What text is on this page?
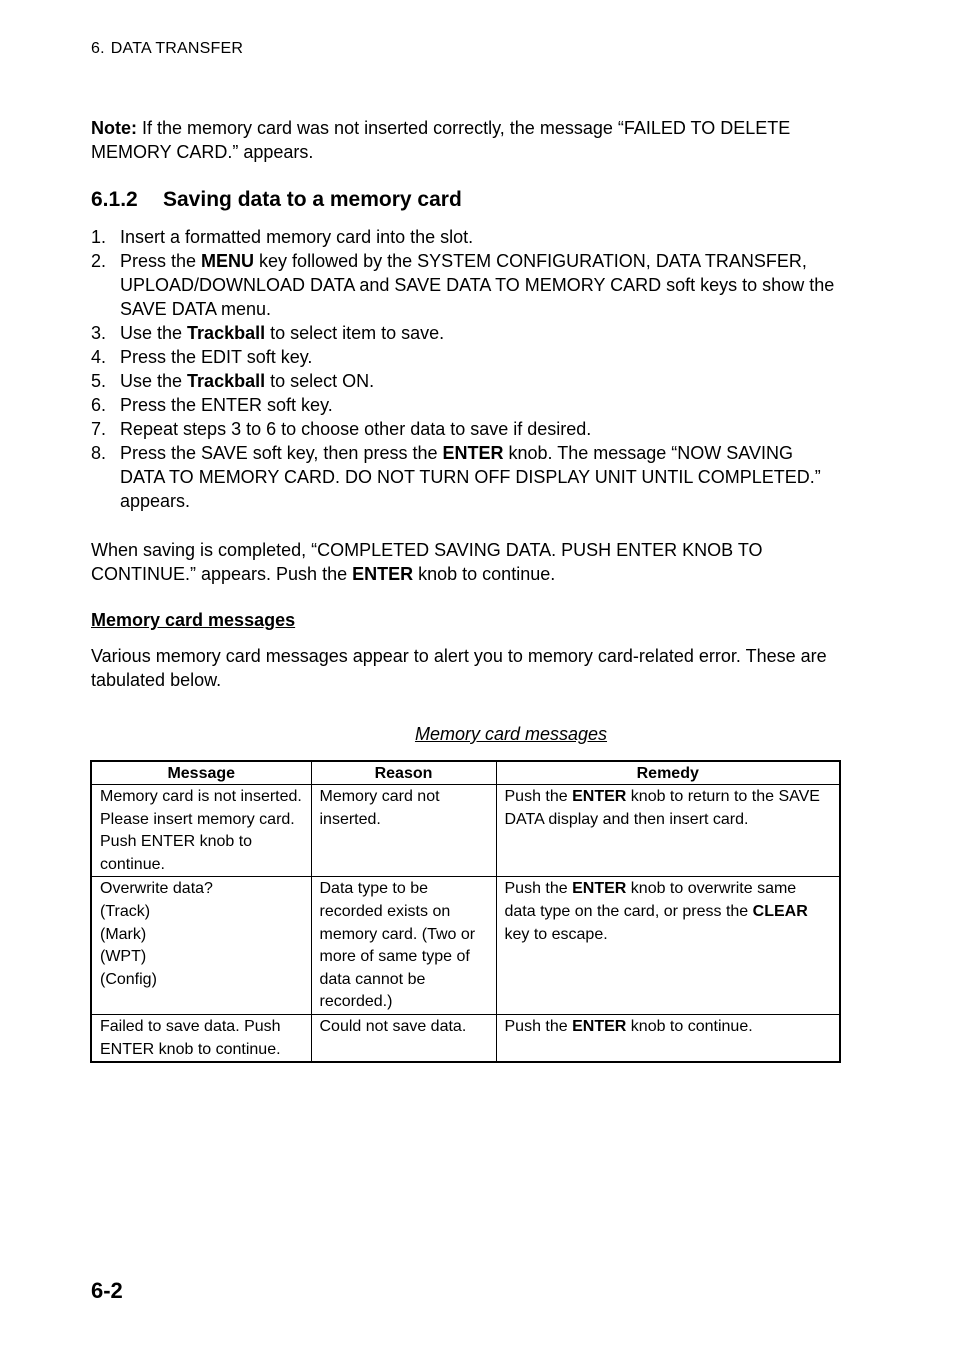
6. DATA TRANSFER

Note: If the memory card was not inserted correctly, the message “FAILED TO DELETE MEMORY CARD.” appears.

6.1.2 Saving data to a memory card
1. Insert a formatted memory card into the slot.
2. Press the MENU key followed by the SYSTEM CONFIGURATION, DATA TRANSFER, UPLOAD/DOWNLOAD DATA and SAVE DATA TO MEMORY CARD soft keys to show the SAVE DATA menu.
3. Use the Trackball to select item to save.
4. Press the EDIT soft key.
5. Use the Trackball to select ON.
6. Press the ENTER soft key.
7. Repeat steps 3 to 6 to choose other data to save if desired.
8. Press the SAVE soft key, then press the ENTER knob. The message “NOW SAVING DATA TO MEMORY CARD. DO NOT TURN OFF DISPLAY UNIT UNTIL COMPLETED.” appears.

When saving is completed, “COMPLETED SAVING DATA. PUSH ENTER KNOB TO CONTINUE.” appears. Push the ENTER knob to continue.

Memory card messages

Various memory card messages appear to alert you to memory card-related error. These are tabulated below.

Memory card messages
Message	Reason	Remedy
Memory card is not inserted. Please insert memory card. Push ENTER knob to continue.	Memory card not inserted.	Push the ENTER knob to return to the SAVE DATA display and then insert card.

Overwrite data?
(Track)
(Mark)
(WPT)
(Config)	Data type to be recorded exists on memory card. (Two or more of same type of data cannot be recorded.)	Push the ENTER knob to overwrite same data type on the card, or press the CLEAR key to escape.
Failed to save data. Push ENTER knob to continue.	Could not save data.	Push the ENTER knob to continue.
6-2
